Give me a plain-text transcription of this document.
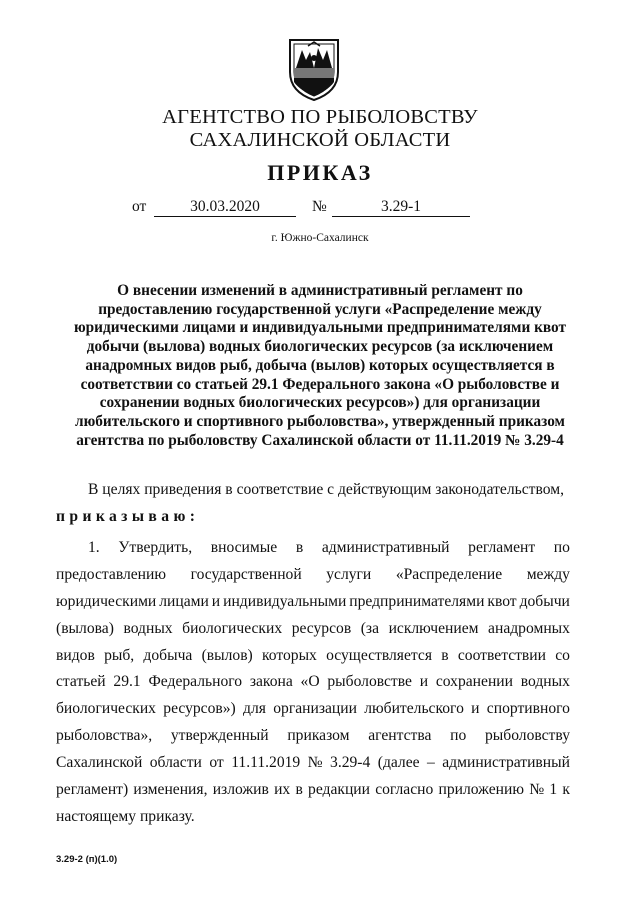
АГЕНТСТВО ПО РЫБОЛОВСТВУ
САХАЛИНСКОЙ ОБЛАСТИ
ПРИКАЗ
от	30.03.2020	№	3.29-1
г. Южно-Сахалинск
О внесении изменений в административный регламент по
предоставлению государственной услуги «Распределение между
юридическими лицами и индивидуальными предпринимателями квот
добычи (вылова) водных биологических ресурсов (за исключением
анадромных видов рыб, добыча (вылов) которых осуществляется в
соответствии со статьей 29.1 Федерального закона «О рыболовстве и
сохранении водных биологических ресурсов») для организации
любительского и спортивного рыболовства», утвержденный приказом
агентства по рыболовству Сахалинской области от 11.11.2019 № 3.29-4
В целях приведения в соответствие с действующим законодательством,
приказываю:
1. Утвердить, вносимые в административный регламент по
предоставлению государственной услуги «Распределение между
юридическими лицами и индивидуальными предпринимателями квот добычи
(вылова) водных биологических ресурсов (за исключением анадромных
видов рыб, добыча (вылов) которых осуществляется в соответствии со
статьей 29.1 Федерального закона «О рыболовстве и сохранении водных
биологических ресурсов») для организации любительского и спортивного
рыболовства», утвержденный приказом агентства по рыболовству
Сахалинской области от 11.11.2019 № 3.29-4 (далее – административный
регламент) изменения, изложив их в редакции согласно приложению № 1 к
настоящему приказу.
3.29-2 (п)(1.0)
